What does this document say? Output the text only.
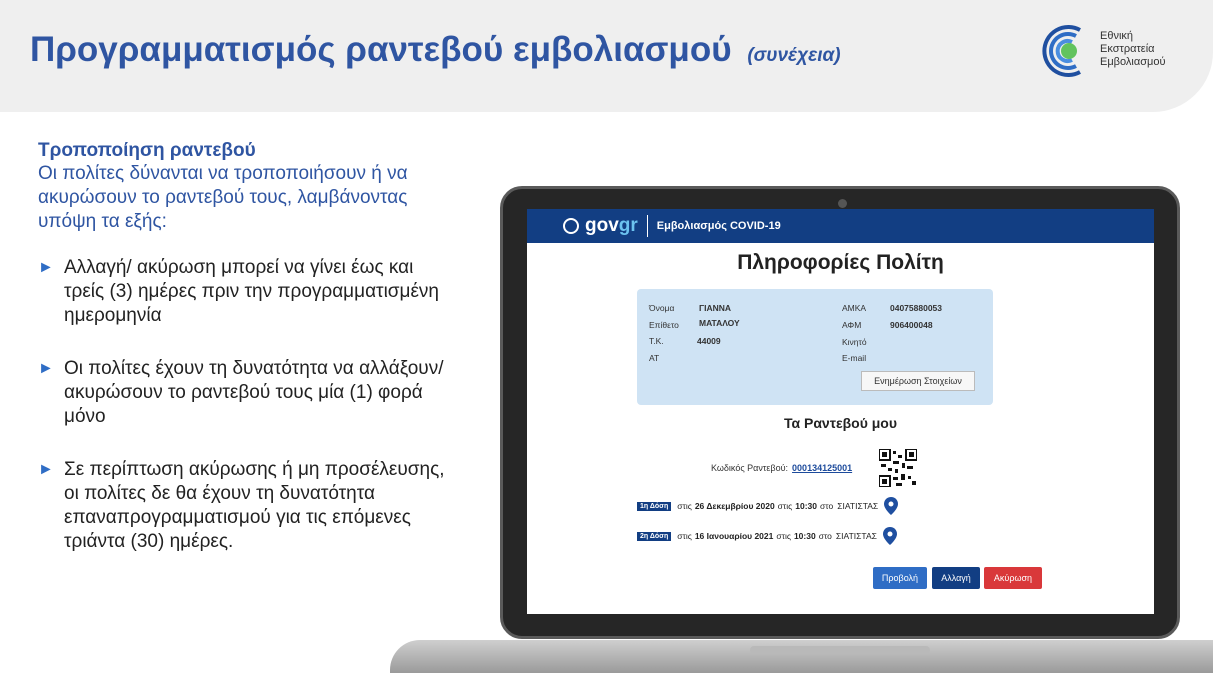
Προγραμματισμός ραντεβού εμβολιασμού (συνέχεια)
Εθνική
Εκστρατεία
Εμβολιασμού
Τροποποίηση ραντεβού
Οι πολίτες δύνανται να τροποποιήσουν ή να ακυρώσουν το ραντεβού τους, λαμβάνοντας υπόψη τα εξής:
► Αλλαγή/ ακύρωση μπορεί να γίνει έως και τρείς (3) ημέρες πριν την προγραμματισμένη ημερομηνία
► Οι πολίτες έχουν τη δυνατότητα να αλλάξουν/ ακυρώσουν το ραντεβού τους μία (1) φορά μόνο
► Σε περίπτωση ακύρωσης ή μη προσέλευσης, οι πολίτες δε θα έχουν τη δυνατότητα επαναπρογραμματισμού για τις επόμενες τριάντα (30) ημέρες.
govgr Εμβολιασμός COVID-19
Πληροφορίες Πολίτη
Όνομα	ΓΙΑΝΝΑ
Επίθετο ΜΑΤΑΛΟΥ
Τ.Κ.	44009
ΑΤ
ΑΜΚΑ	04075880053
ΑΦΜ	906400048
Κινητό
E-mail
Ενημέρωση Στοιχείων
Τα Ραντεβού μου
Κωδικός Ραντεβού: 000134125001
1η Δόση	στις 26 Δεκεμβρίου 2020 στις 10:30 στο ΣΙΑΤΙΣΤΑΣ
2η Δόση	στις 16 Ιανουαρίου 2021 στις 10:30 στο ΣΙΑΤΙΣΤΑΣ
Προβολή	Αλλαγή	Ακύρωση
